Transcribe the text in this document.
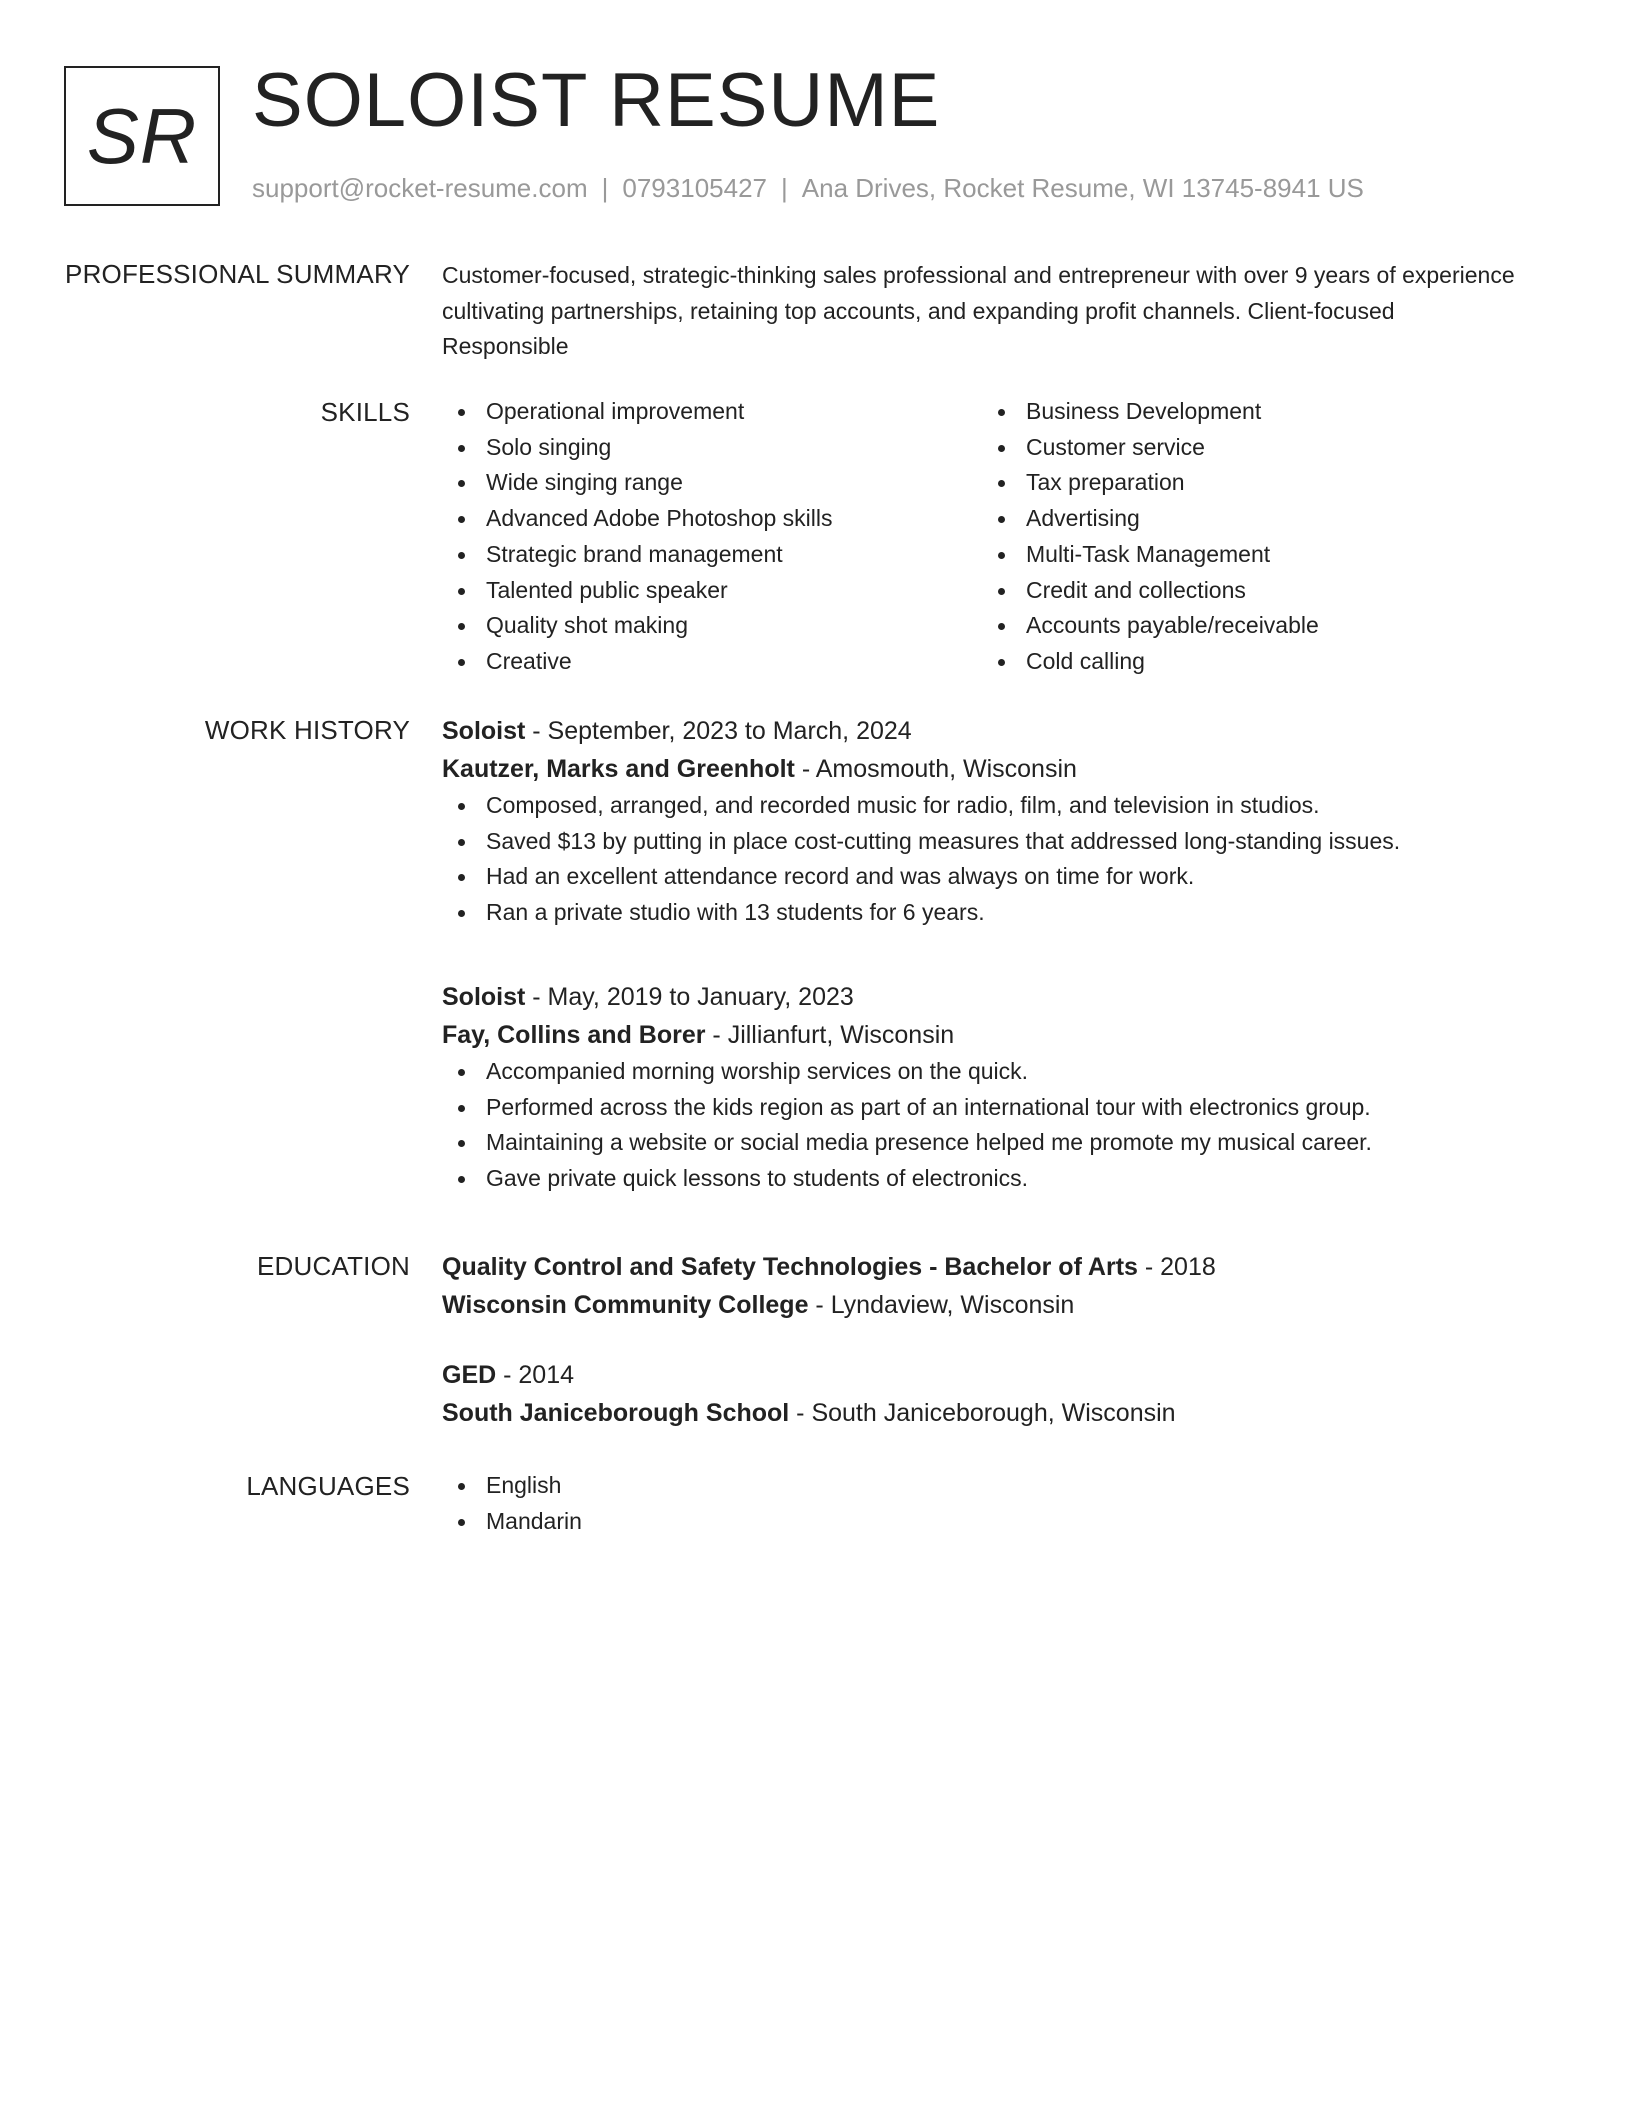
SR SOLOIST RESUME
support@rocket-resume.com | 0793105427 | Ana Drives, Rocket Resume, WI 13745-8941 US
PROFESSIONAL SUMMARY Customer-focused, strategic-thinking sales professional and entrepreneur with over 9 years of experience cultivating partnerships, retaining top accounts, and expanding profit channels. Client-focused Responsible

SKILLS	Operational improvement
Solo singing
Wide singing range
Advanced Adobe Photoshop skills
Strategic brand management
Talented public speaker
Quality shot making
Creative
Business Development
Customer service
Tax preparation
Advertising
Multi-Task Management
Credit and collections
Accounts payable/receivable
Cold calling
WORK HISTORY Soloist - September, 2023 to March, 2024
Kautzer, Marks and Greenholt - Amosmouth, Wisconsin
Composed, arranged, and recorded music for radio, film, and television in studios.
Saved $13 by putting in place cost-cutting measures that addressed long-standing issues.
Had an excellent attendance record and was always on time for work.
Ran a private studio with 13 students for 6 years.
Soloist - May, 2019 to January, 2023
Fay, Collins and Borer - Jillianfurt, Wisconsin
Accompanied morning worship services on the quick.
Performed across the kids region as part of an international tour with electronics group.
Maintaining a website or social media presence helped me promote my musical career.
Gave private quick lessons to students of electronics.
EDUCATION Quality Control and Safety Technologies - Bachelor of Arts - 2018
Wisconsin Community College - Lyndaview, Wisconsin
GED - 2014
South Janiceborough School - South Janiceborough, Wisconsin
LANGUAGES	English
Mandarin
